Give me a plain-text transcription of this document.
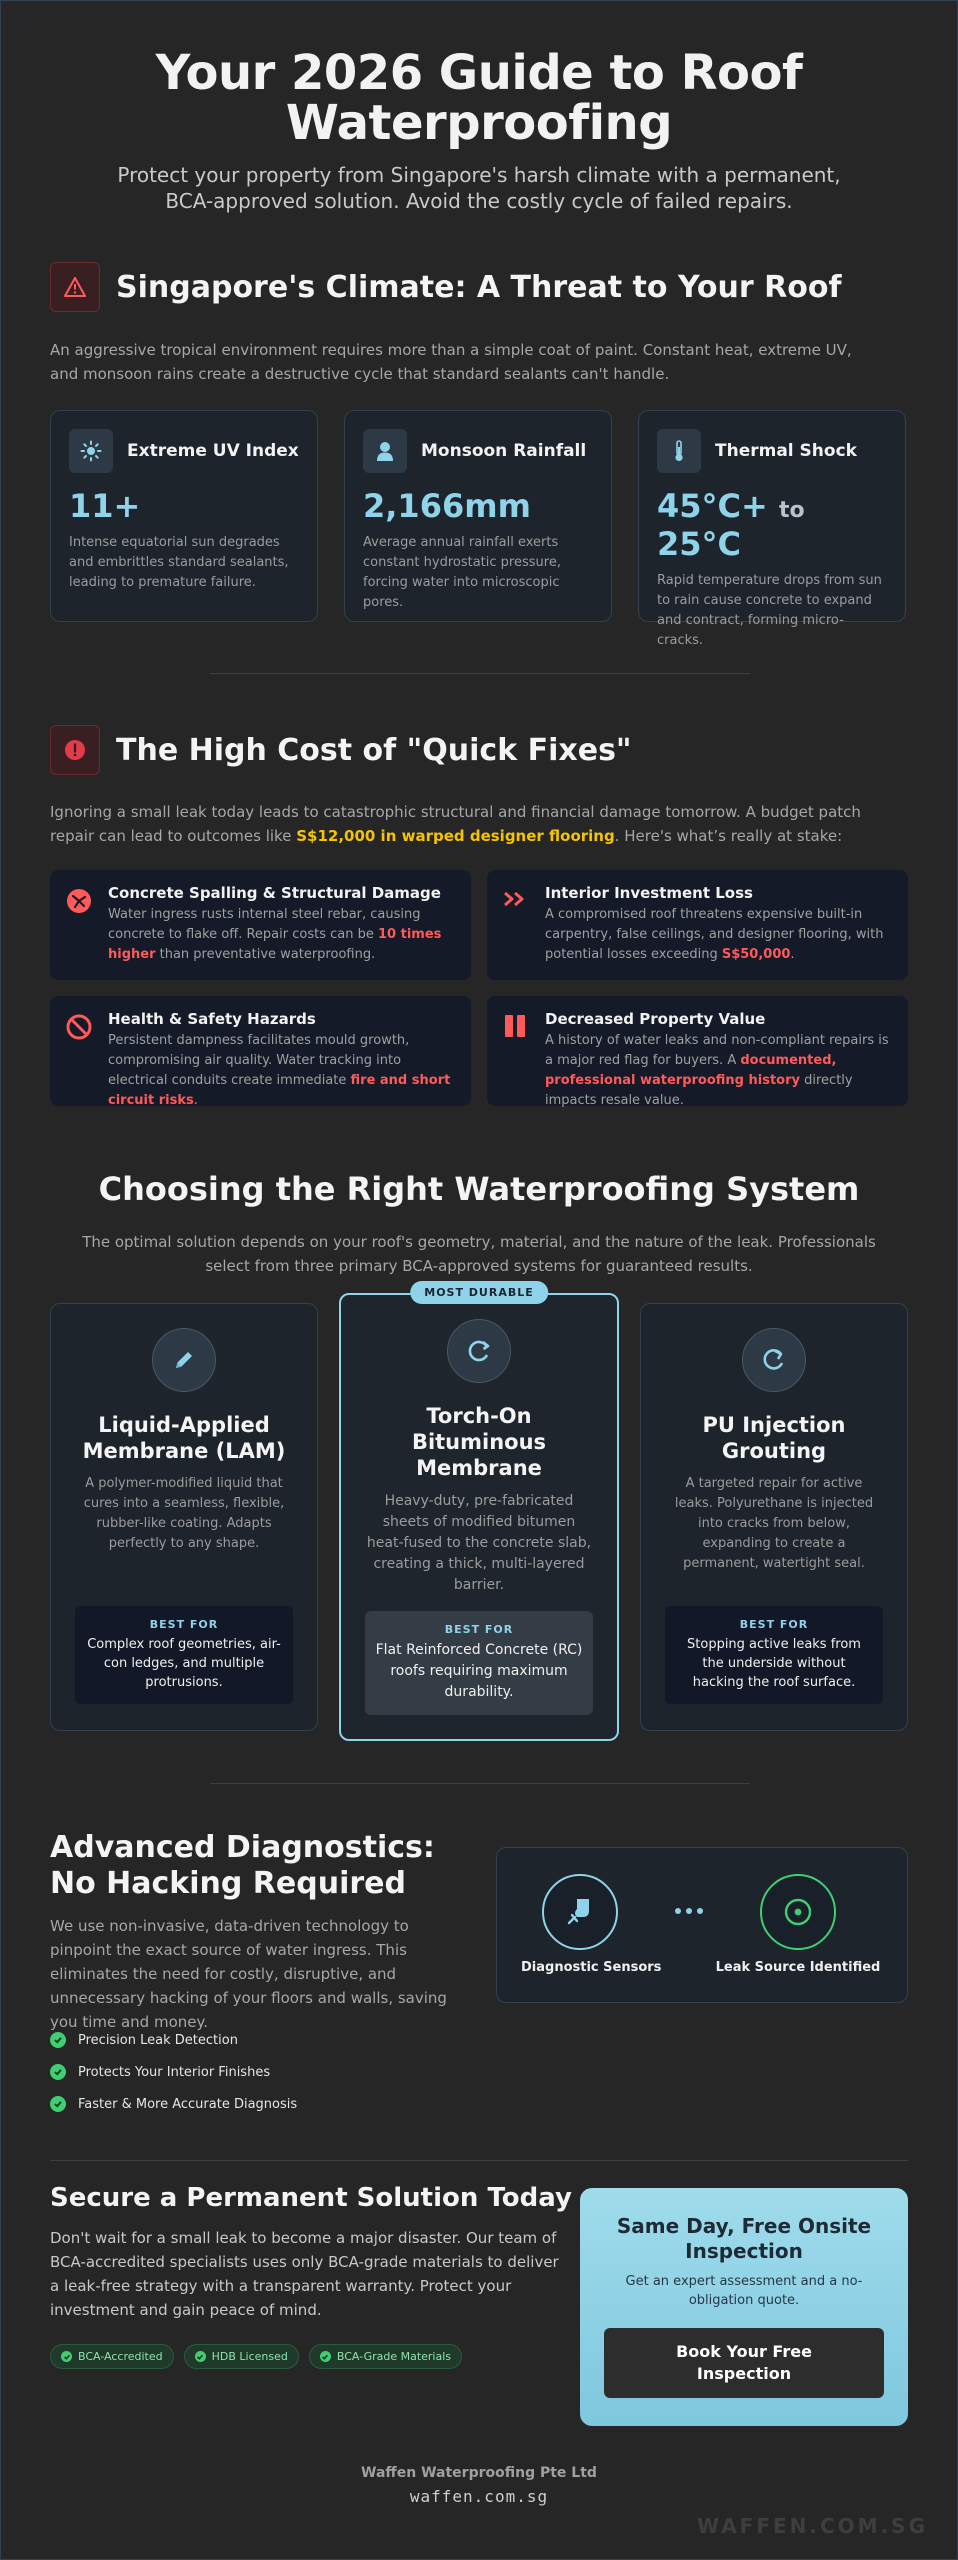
Your 2026 Guide to Roof Waterproofing

Protect your property from Singapore's harsh climate with a permanent, BCA-approved solution. Avoid the costly cycle of failed repairs.

Singapore's Climate: A Threat to Your Roof
An aggressive tropical environment requires more than a simple coat of paint. Constant heat, extreme UV, and monsoon rains create a destructive cycle that standard sealants can't handle.
Extreme UV Index
11+
Intense equatorial sun degrades and embrittles standard sealants, leading to premature failure.
Monsoon Rainfall
2,166mm
Average annual rainfall exerts constant hydrostatic pressure, forcing water into microscopic pores.
Thermal Shock
45°C+ to 25°C
Rapid temperature drops from sun to rain cause concrete to expand and contract, forming micro-cracks.
The High Cost of "Quick Fixes"
Ignoring a small leak today leads to catastrophic structural and financial damage tomorrow. A budget patch repair can lead to outcomes like S$12,000 in warped designer flooring. Here's what’s really at stake:
Concrete Spalling & Structural Damage
Water ingress rusts internal steel rebar, causing concrete to flake off. Repair costs can be 10 times higher than preventative waterproofing.
Interior Investment Loss
A compromised roof threatens expensive built-in carpentry, false ceilings, and designer flooring, with potential losses exceeding S$50,000.
Health & Safety Hazards
Persistent dampness facilitates mould growth, compromising air quality. Water tracking into electrical conduits create immediate fire and short circuit risks.
Decreased Property Value
A history of water leaks and non-compliant repairs is a major red flag for buyers. A documented, professional waterproofing history directly impacts resale value.
Choosing the Right Waterproofing System
The optimal solution depends on your roof's geometry, material, and the nature of the leak. Professionals select from three primary BCA-approved systems for guaranteed results.
Liquid-Applied Membrane (LAM)
A polymer-modified liquid that cures into a seamless, flexible, rubber-like coating. Adapts perfectly to any shape.
BEST FOR
Complex roof geometries, air-con ledges, and multiple protrusions.
MOST DURABLE
Torch-On Bituminous Membrane
Heavy-duty, pre-fabricated sheets of modified bitumen heat-fused to the concrete slab, creating a thick, multi-layered barrier.
BEST FOR
Flat Reinforced Concrete (RC) roofs requiring maximum durability.
PU Injection Grouting
A targeted repair for active leaks. Polyurethane is injected into cracks from below, expanding to create a permanent, watertight seal.
BEST FOR
Stopping active leaks from the underside without hacking the roof surface.
Advanced Diagnostics: No Hacking Required
We use non-invasive, data-driven technology to pinpoint the exact source of water ingress. This eliminates the need for costly, disruptive, and unnecessary hacking of your floors and walls, saving you time and money.
Precision Leak Detection
Protects Your Interior Finishes
Faster & More Accurate Diagnosis
Diagnostic Sensors	Leak Source Identified
Secure a Permanent Solution Today
Don't wait for a small leak to become a major disaster. Our team of BCA-accredited specialists uses only BCA-grade materials to deliver a leak-free strategy with a transparent warranty. Protect your investment and gain peace of mind.
BCA-Accredited	HDB Licensed	BCA-Grade Materials
Same Day, Free Onsite Inspection
Get an expert assessment and a no-obligation quote.
Book Your Free Inspection
Waffen Waterproofing Pte Ltd
waffen.com.sg
WAFFEN.COM.SG
